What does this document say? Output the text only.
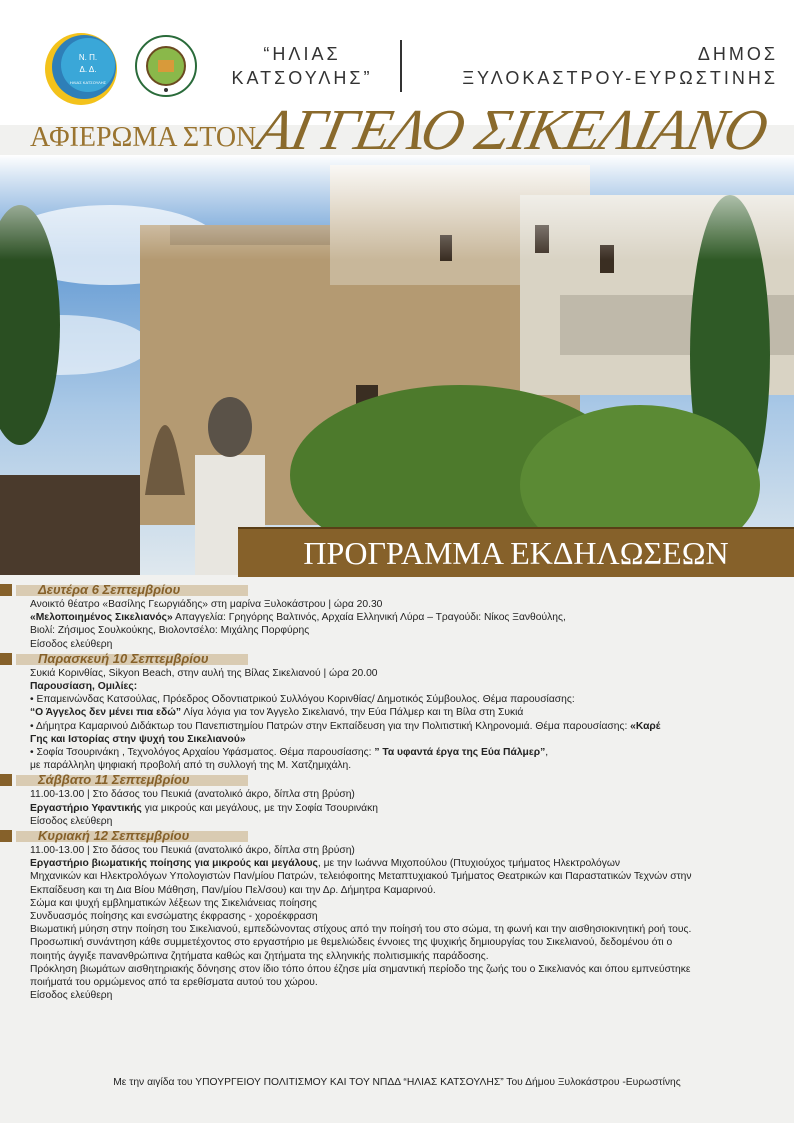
Ν. Π.
Δ. Δ.
ΗΛΙΑΣ ΚΑΤΣΟΥΛΗΣ
“ΗΛΙΑΣ
ΚΑΤΣΟΥΛΗΣ”
ΔΗΜΟΣ
ΞΥΛΟΚΑΣΤΡΟΥ-ΕΥΡΩΣΤΙΝΗΣ
ΑΦΙΕΡΩΜΑ ΣΤΟΝ
ΑΓΓΕΛΟ ΣΙΚΕΛΙΑΝΟ
ΠΡΟΓΡΑΜΜΑ ΕΚΔΗΛΩΣΕΩΝ
Δευτέρα 6 Σεπτεμβρίου
Ανοικτό θέατρο «Βασίλης Γεωργιάδης» στη μαρίνα Ξυλοκάστρου | ώρα 20.30
«Μελοποιημένος Σικελιανός» Απαγγελία: Γρηγόρης Βαλτινός, Αρχαία Ελληνική Λύρα – Τραγούδι: Νίκος Ξανθούλης,
Βιολί: Ζήσιμος Σουλκούκης, Βιολοντσέλο: Μιχάλης Πορφύρης
Είσοδος ελεύθερη
Παρασκευή 10 Σεπτεμβρίου
Συκιά Κορινθίας, Sikyon Beach, στην αυλή της Βίλας Σικελιανού | ώρα 20.00
Παρουσίαση, Ομιλίες:
• Επαμεινώνδας Κατσούλας, Πρόεδρος Οδοντιατρικού Συλλόγου Κορινθίας/ Δημοτικός Σύμβουλος. Θέμα παρουσίασης:
“Ο Άγγελος δεν μένει πια εδώ” Λίγα λόγια για τον Άγγελο Σικελιανό, την Εύα Πάλμερ και τη Βίλα στη Συκιά
• Δήμητρα Καμαρινού Διδάκτωρ του Πανεπιστημίου Πατρών στην Εκπαίδευση για την Πολιτιστική Κληρονομιά. Θέμα παρουσίασης: «Καρέ
Γης και Ιστορίας στην ψυχή του Σικελιανού»
• Σοφία Τσουρινάκη , Τεχνολόγος Αρχαίου Υφάσματος. Θέμα παρουσίασης: ” Τα υφαντά έργα της Εύα Πάλμερ”,
με παράλληλη ψηφιακή προβολή από τη συλλογή της Μ. Χατζημιχάλη.
Σάββατο 11 Σεπτεμβρίου
11.00-13.00 | Στο δάσος του Πευκιά (ανατολικό άκρο, δίπλα στη βρύση)
Εργαστήριο Υφαντικής για μικρούς και μεγάλους, με την Σοφία Τσουρινάκη
Είσοδος ελεύθερη
Κυριακή 12 Σεπτεμβρίου
11.00-13.00 | Στο δάσος του Πευκιά (ανατολικό άκρο, δίπλα στη βρύση)
Εργαστήριο βιωματικής ποίησης για μικρούς και μεγάλους, με την Ιωάννα Μιχοπούλου (Πτυχιούχος τμήματος Ηλεκτρολόγων
Μηχανικών και Ηλεκτρολόγων Υπολογιστών Παν/μίου Πατρών, τελειόφοιτης Μεταπτυχιακού Τμήματος Θεατρικών και Παραστατικών Τεχνών στην
Εκπαίδευση και τη Δια Βίου Μάθηση, Παν/μίου Πελ/σου) και την Δρ. Δήμητρα Καμαρινού.
Σώμα και ψυχή εμβληματικών λέξεων της Σικελιάνειας ποίησης
Συνδυασμός ποίησης και ενσώματης έκφρασης - χοροέκφραση
Βιωματική μύηση στην ποίηση του Σικελιανού, εμπεδώνοντας στίχους από την ποίησή του στο σώμα, τη φωνή και την αισθησιοκινητική ροή τους.
Προσωπική συνάντηση κάθε συμμετέχοντος στο εργαστήριο με θεμελιώδεις έννοιες της ψυχικής δημιουργίας του Σικελιανού, δεδομένου ότι ο
ποιητής άγγιξε πανανθρώπινα ζητήματα καθώς και ζητήματα της ελληνικής πολιτισμικής παράδοσης.
Πρόκληση βιωμάτων αισθητηριακής δόνησης στον ίδιο τόπο όπου έζησε μία σημαντική περίοδο της ζωής του ο Σικελιανός και όπου εμπνεύστηκε
ποιήματά του ορμώμενος από τα ερεθίσματα αυτού του χώρου.
Είσοδος ελεύθερη
Με την αιγίδα του ΥΠΟΥΡΓΕΙΟΥ ΠΟΛΙΤΙΣΜΟΥ ΚΑΙ ΤΟΥ ΝΠΔΔ “ΗΛΙΑΣ ΚΑΤΣΟΥΛΗΣ” Του Δήμου Ξυλοκάστρου -Ευρωστίνης
